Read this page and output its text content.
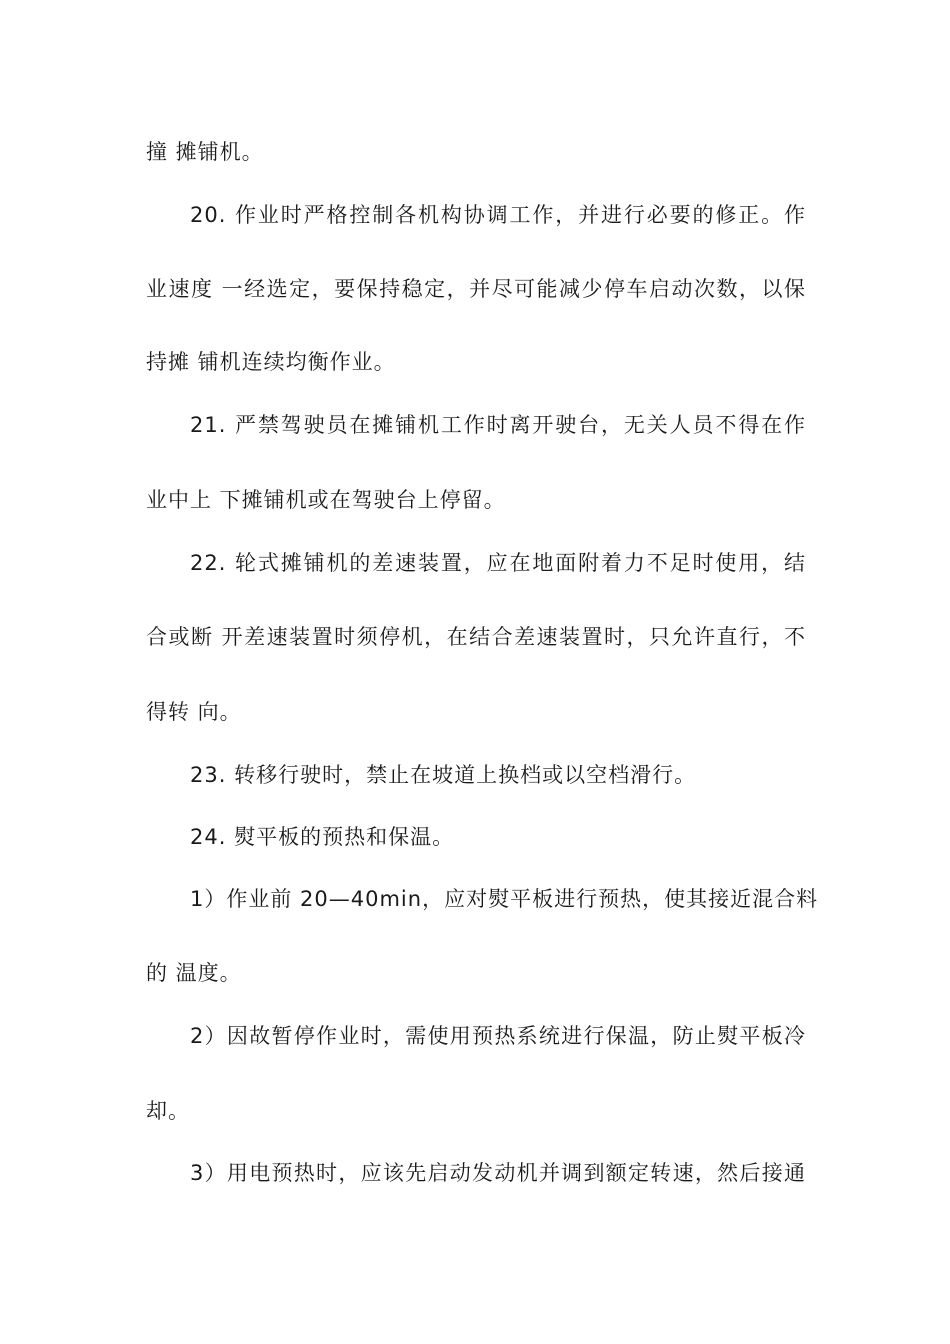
撞 摊铺机。
20. 作业时严格控制各机构协调工作，并进行必要的修正。作
业速度 一经选定，要保持稳定，并尽可能减少停车启动次数，以保
持摊 铺机连续均衡作业。
21. 严禁驾驶员在摊铺机工作时离开驶台，无关人员不得在作
业中上 下摊铺机或在驾驶台上停留。
22. 轮式摊铺机的差速装置，应在地面附着力不足时使用，结
合或断 开差速装置时须停机，在结合差速装置时，只允许直行，不
得转 向。
23. 转移行驶时，禁止在坡道上换档或以空档滑行。
24. 熨平板的预热和保温。
1）作业前 20—40min，应对熨平板进行预热，使其接近混合料
的 温度。
2）因故暂停作业时，需使用预热系统进行保温，防止熨平板冷
却。
3）用电预热时，应该先启动发动机并调到额定转速，然后接通
